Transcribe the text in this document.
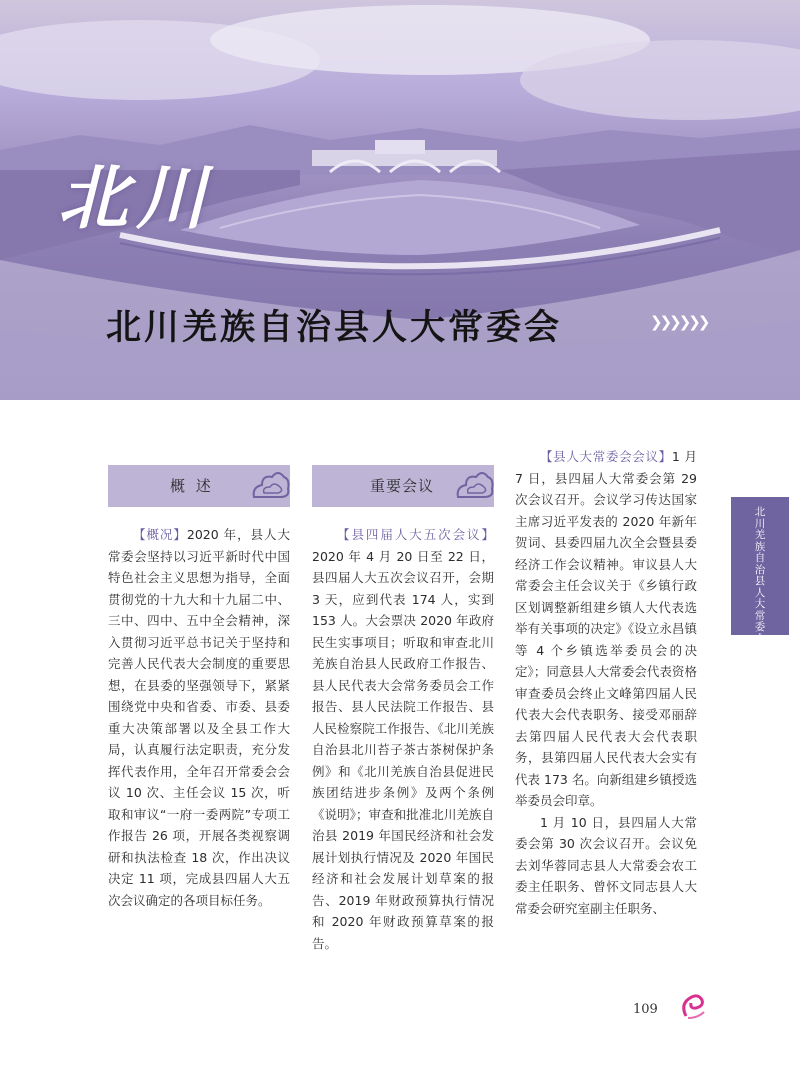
北川
北川羌族自治县人大常委会	❯❯❯❯❯❯
概 述	重要会议

【概况】2020 年，县人大常委会坚持以习近平新时代中国特色社会主义思想为指导，全面贯彻党的十九大和十九届二中、三中、四中、五中全会精神，深入贯彻习近平总书记关于坚持和完善人民代表大会制度的重要思想，在县委的坚强领导下，紧紧围绕党中央和省委、市委、县委重大决策部署以及全县工作大局，认真履行法定职责，充分发挥代表作用，全年召开常委会会议 10 次、主任会议 15 次，听取和审议“一府一委两院”专项工作报告 26 项，开展各类视察调研和执法检查 18 次，作出决议决定 11 项，完成县四届人大五次会议确定的各项目标任务。

【县四届人大五次会议】2020 年 4 月 20 日至 22 日，县四届人大五次会议召开，会期 3 天，应到代表 174 人，实到 153 人。大会票决 2020 年政府民生实事项目；听取和审查北川羌族自治县人民政府工作报告、县人民代表大会常务委员会工作报告、县人民法院工作报告、县人民检察院工作报告、《北川羌族自治县北川苔子茶古茶树保护条例》和《北川羌族自治县促进民族团结进步条例》及两个条例《说明》；审查和批准北川羌族自治县 2019 年国民经济和社会发展计划执行情况及 2020 年国民经济和社会发展计划草案的报告、2019 年财政预算执行情况和 2020 年财政预算草案的报告。

【县人大常委会会议】1 月 7 日，县四届人大常委会第 29 次会议召开。会议学习传达国家主席习近平发表的 2020 年新年贺词、县委四届九次全会暨县委经济工作会议精神。审议县人大常委会主任会议关于《乡镇行政区划调整新组建乡镇人大代表选举有关事项的决定》《设立永昌镇等 4 个乡镇选举委员会的决定》；同意县人大常委会代表资格审查委员会终止文峰第四届人民代表大会代表职务、接受邓丽辞去第四届人民代表大会代表职务，县第四届人民代表大会实有代表 173 名。向新组建乡镇授选举委员会印章。

1 月 10 日，县四届人大常委会第 30 次会议召开。会议免去刘华蓉同志县人大常委会农工委主任职务、曾怀文同志县人大常委会研究室副主任职务、

北川羌族自治县人大常委会
109
